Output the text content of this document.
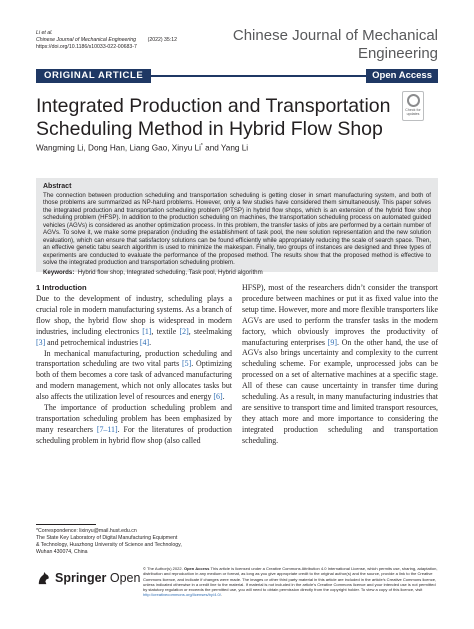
Li et al.
Chinese Journal of Mechanical Engineering (2022) 35:12
https://doi.org/10.1186/s10033-022-00683-7
Chinese Journal of Mechanical Engineering
ORIGINAL ARTICLE	Open Access
Integrated Production and Transportation Scheduling Method in Hybrid Flow Shop
Check for updates
Wangming Li, Dong Han, Liang Gao, Xinyu Li* and Yang Li
Abstract
The connection between production scheduling and transportation scheduling is getting closer in smart manufacturing system, and both of those problems are summarized as NP-hard problems. However, only a few studies have considered them simultaneously. This paper solves the integrated production and transportation scheduling problem (IPTSP) in hybrid flow shops, which is an extension of the hybrid flow shop scheduling problem (HFSP). In addition to the production scheduling on machines, the transportation scheduling process on automated guided vehicles (AGVs) is considered as another optimization process. In this problem, the transfer tasks of jobs are performed by a certain number of AGVs. To solve it, we make some preparation (including the establishment of task pool, the new solution representation and the new solution evaluation), which can ensure that satisfactory solutions can be found efficiently while appropriately reducing the scale of search space. Then, an effective genetic tabu search algorithm is used to minimize the makespan. Finally, two groups of instances are designed and three types of experiments are conducted to evaluate the performance of the proposed method. The results show that the proposed method is effective to solve the integrated production and transportation scheduling problem.
Keywords: Hybrid flow shop, Integrated scheduling, Task pool, Hybrid algorithm
1 Introduction

Due to the development of industry, scheduling plays a crucial role in modern manufacturing systems. As a branch of flow shop, the hybrid flow shop is widespread in modern industries, including electronics [1], textile [2], steelmaking [3] and petrochemical industries [4].

In mechanical manufacturing, production scheduling and transportation scheduling are two vital parts [5]. Optimizing both of them becomes a core task of advanced manufacturing and modern management, which not only allocates tasks but also affects the utilization level of resources and energy [6].

The importance of production scheduling problem and transportation scheduling problem has been emphasized by many researchers [7–11]. For the literatures of production scheduling problem in hybrid flow shop (also called

HFSP), most of the researchers didn’t consider the transport procedure between machines or put it as fixed value into the setup time. However, more and more flexible transporters like AGVs are used to perform the transfer tasks in the modern factory, which obviously improves the productivity of manufacturing enterprises [9]. On the other hand, the use of AGVs also brings uncertainty and complexity to the current scheduling scheme. For example, unprocessed jobs can be processed on a set of alternative machines at a specific stage. All of these can cause uncertainty in transfer time during scheduling. As a result, in many manufacturing industries that are sensitive to transport time and limited transport resources, they attach more and more importance to considering the integrated production scheduling and transportation scheduling.

*Correspondence: lixinyu@mail.hust.edu.cn
The State Key Laboratory of Digital Manufacturing Equipment
& Technology, Huazhong University of Science and Technology,
Wuhan 430074, China
Springer Open
© The Author(s) 2022. Open Access This article is licensed under a Creative Commons Attribution 4.0 International License, which permits use, sharing, adaptation, distribution and reproduction in any medium or format, as long as you give appropriate credit to the original author(s) and the source, provide a link to the Creative Commons licence, and indicate if changes were made. The images or other third party material in this article are included in the article’s Creative Commons licence, unless indicated otherwise in a credit line to the material. If material is not included in the article’s Creative Commons licence and your intended use is not permitted by statutory regulation or exceeds the permitted use, you will need to obtain permission directly from the copyright holder. To view a copy of this licence, visit http://creativecommons.org/licenses/by/4.0/.
